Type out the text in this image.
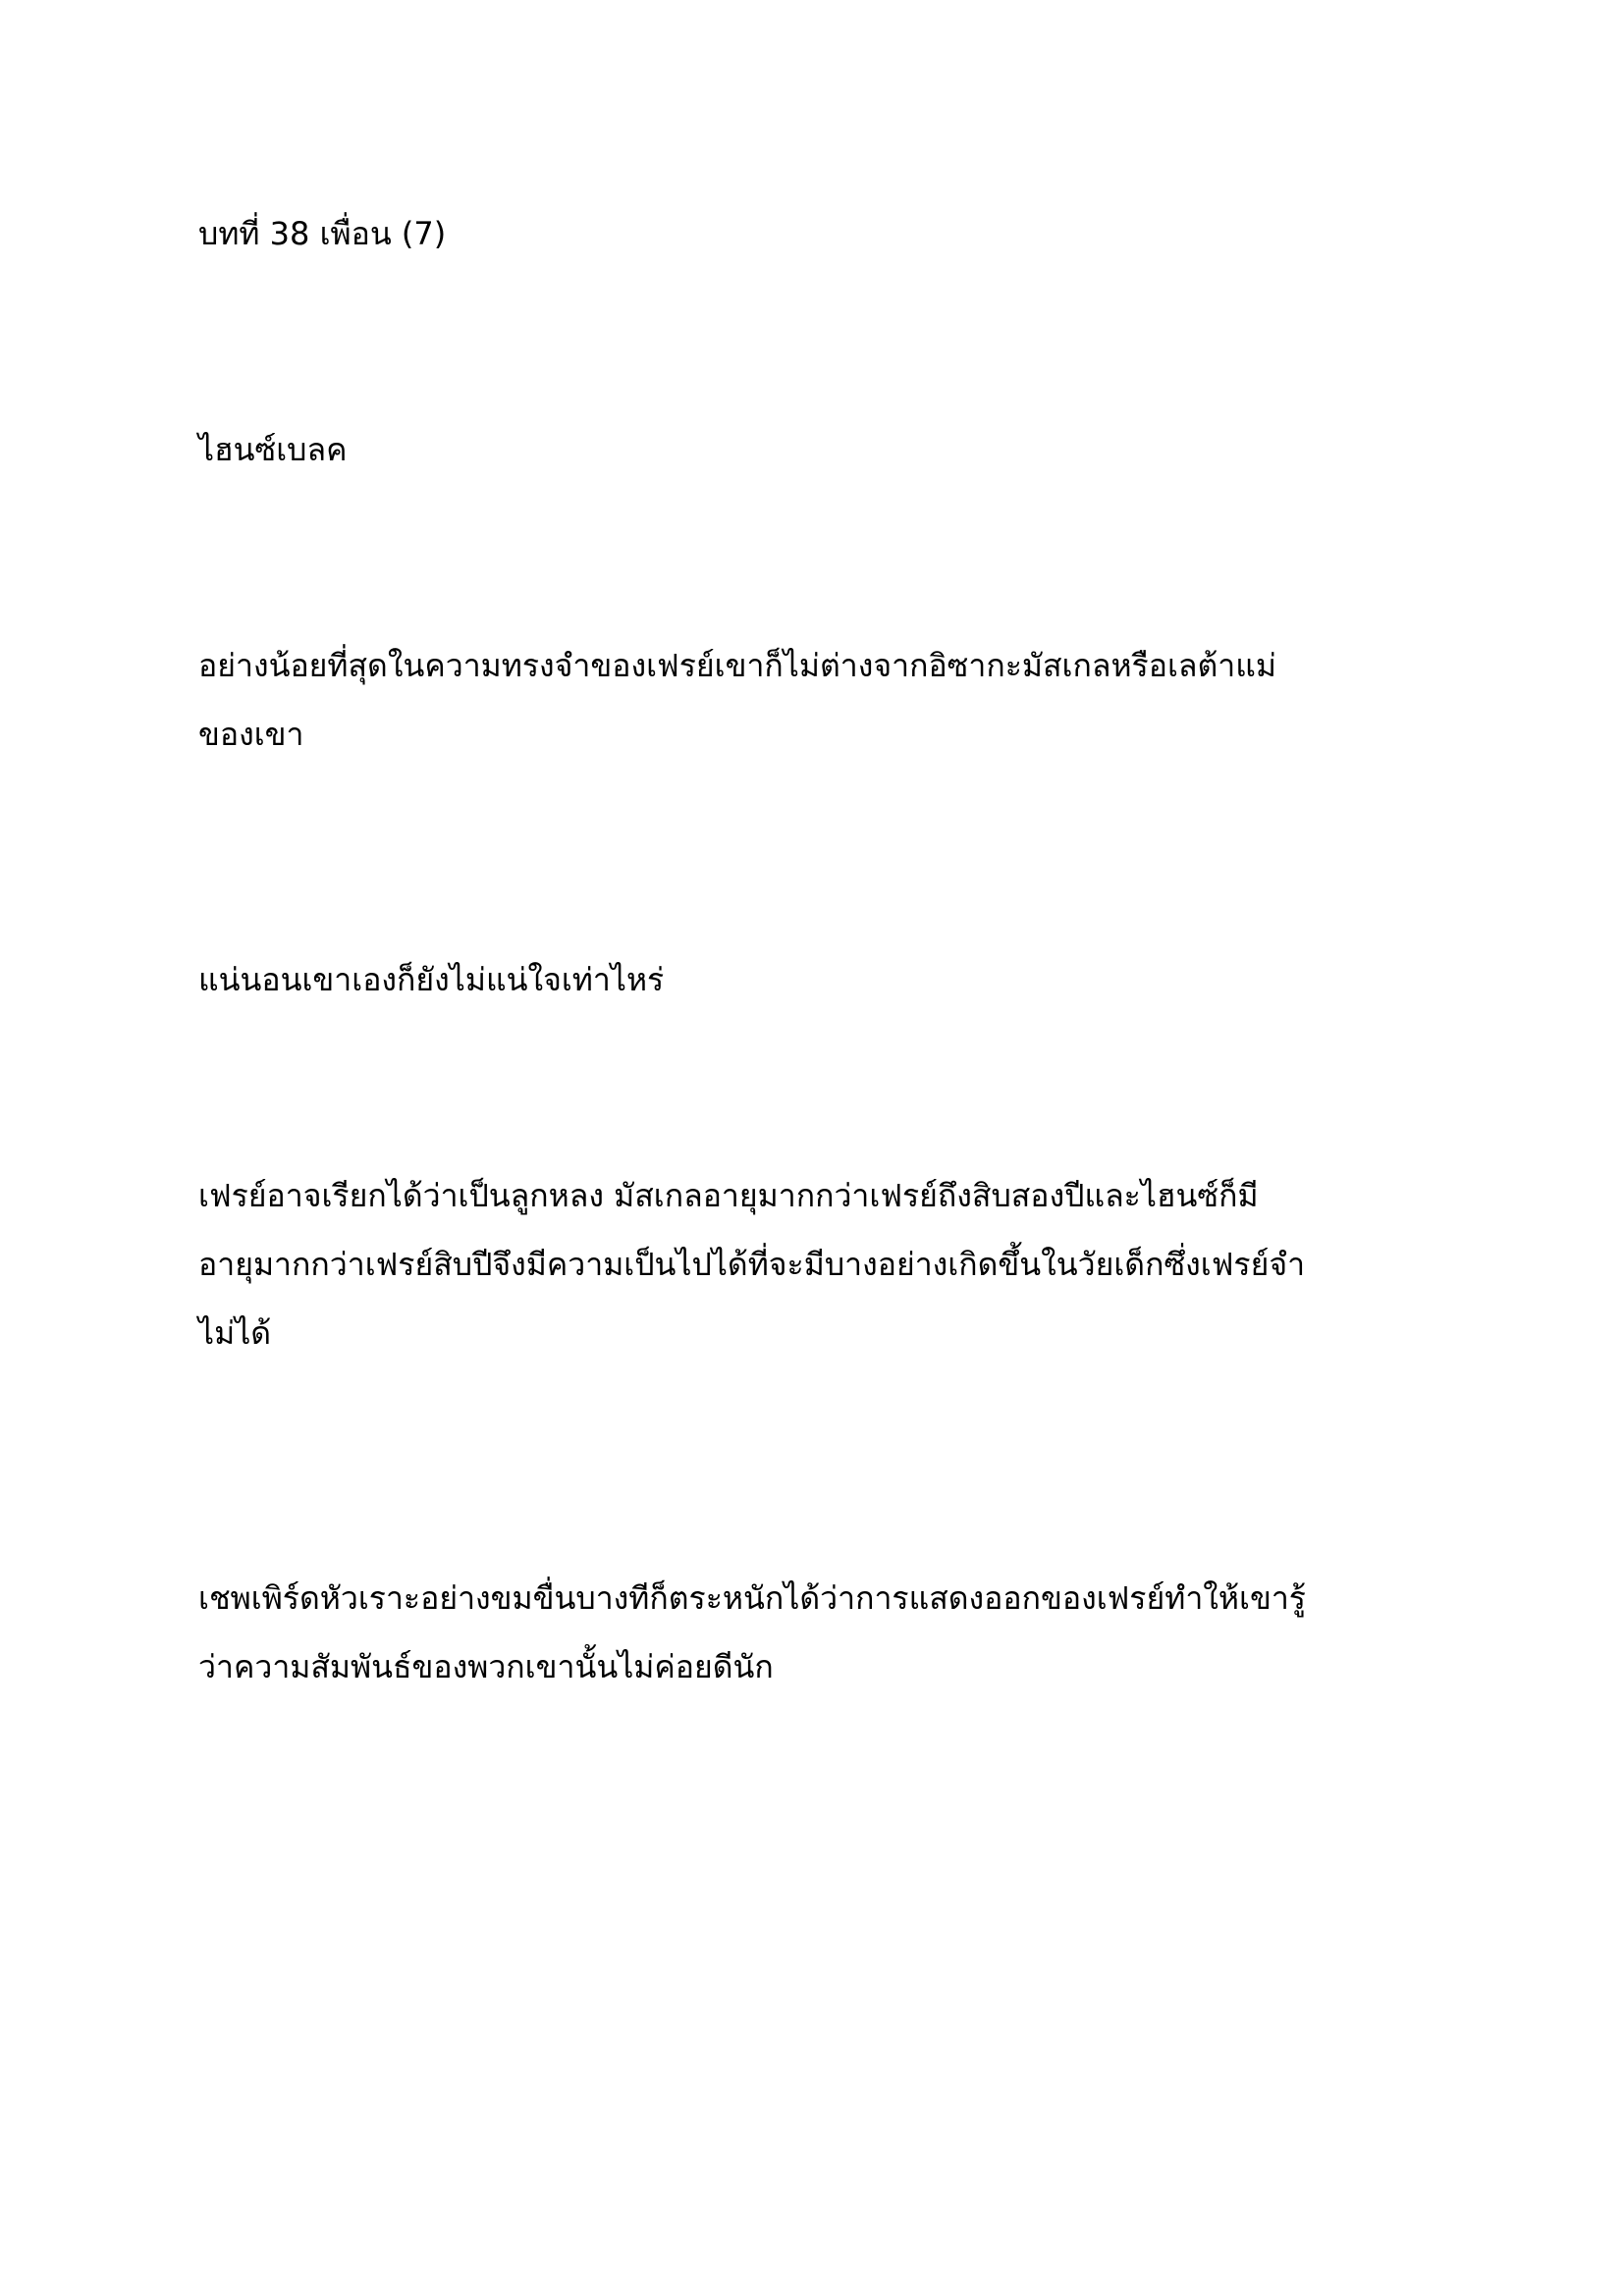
บทที่ 38 เพื่อน (7)

ไฮนซ์เบลค

อย่างน้อยที่สุดในความทรงจำของเฟรย์เขาก็ไม่ต่างจากอิซากะมัสเกลหรือเลต้าแม่
ของเขา

แน่นอนเขาเองก็ยังไม่แน่ใจเท่าไหร่

เฟรย์อาจเรียกได้ว่าเป็นลูกหลง มัสเกลอายุมากกว่าเฟรย์ถึงสิบสองปีและไฮนซ์ก็มี
อายุมากกว่าเฟรย์สิบปีจึงมีความเป็นไปได้ที่จะมีบางอย่างเกิดขึ้นในวัยเด็กซึ่งเฟรย์จำ
ไม่ได้

เชพเพิร์ดหัวเราะอย่างขมขื่นบางทีก็ตระหนักได้ว่าการแสดงออกของเฟรย์ทำให้เขารู้
ว่าความสัมพันธ์ของพวกเขานั้นไม่ค่อยดีนัก
